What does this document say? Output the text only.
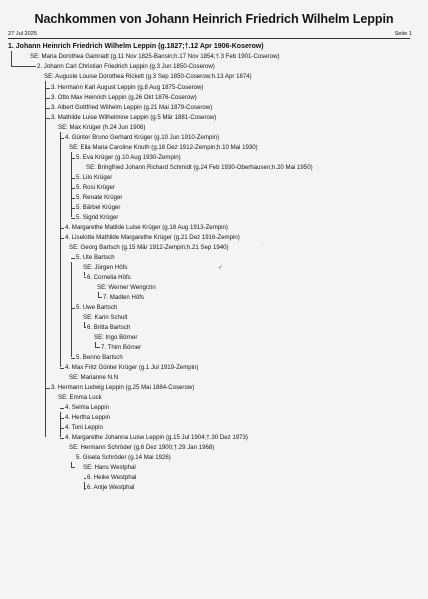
Nachkommen von Johann Heinrich Friedrich Wilhelm Leppin
27 Jul 2025	Seite 1
1. Johann Heinrich Friedrich Wilhelm Leppin (g.1827;†.12 Apr 1906-Koserow)
SE: Maria Dorothea Gamradt (g.11 Nov 1825-Bansin;h.17 Nov 1854;†.3 Feb 1901-Coserow)
2. Johann Carl Christian Friedrich Leppin (g.3 Jun 1850-Coserow)
SE: Auguste Louise Dorothea Rickelt (g.3 Sep 1850-Coserow;h.13 Apr 1874)
3. Hermann Karl August Leppin (g.8 Aug 1875-Coserow)
3. Otto Max Heinrich Leppin (g.26 Okt 1876-Coserow)
3. Albert Gottfried Wilhelm Leppin (g.21 Mai 1879-Coserow)
3. Mathilde Luise Wilhelmine Leppin (g.5 Mär 1881-Coserow)
SE: Max Krüger (h.24 Jun 1906)
4. Günter Bruno Gerhard Krüger (g.10 Jun 1910-Zempin)
SE: Ella Maria Caroline Knuth (g.18 Dez 1912-Zempin;h.10 Mai 1930)
5. Eva Krüger (g.10 Aug 1930-Zempin)
SE: Bringfried Johann Richard Schmidt (g.24 Feb 1930-Oberhausen;h.20 Mai 1950)
5. Lilo Krüger
5. Rosi Krüger
5. Renate Krüger
5. Bärbel Krüger
5. Sigrid Krüger
4. Margarethe Matilde Luise Krüger (g.18 Aug 1913-Zempin)
4. Liselotte Mathilde Margarethe Krüger (g.21 Dez 1916-Zempin)
SE: Georg Bartsch (g.15 Mär 1912-Zempin;h.21 Sep 1940)
5. Ute Bartsch
SE: Jürgen Höfs
6. Cornelia Höfs
SE: Werner Wengrzin
7. Madlen Höfs
5. Uwe Bartsch
SE: Karin Schult
6. Britta Bartsch
SE: Ingo Börner
7. Thim Börner
5. Benno Bartsch
4. Max Fritz Günter Krüger (g.1 Jul 1919-Zempin)
SE: Marianne N.N
3. Hermann Ludwig Leppin (g.25 Mai 1884-Coserow)
SE: Emma Luck
4. Selma Leppin
4. Hertha Leppin
4. Toni Leppin
4. Margarethe Johanna Luise Leppin (g.15 Jul 1904;†.30 Dez 1973)
SE: Hermann Schröder (g.6 Dez 1900;†.29 Jan 1968)
5. Gisela Schröder (g.14 Mai 1926)
SE: Hans Westphal
6. Heike Westphal
6. Antje Westphal
✓
·
